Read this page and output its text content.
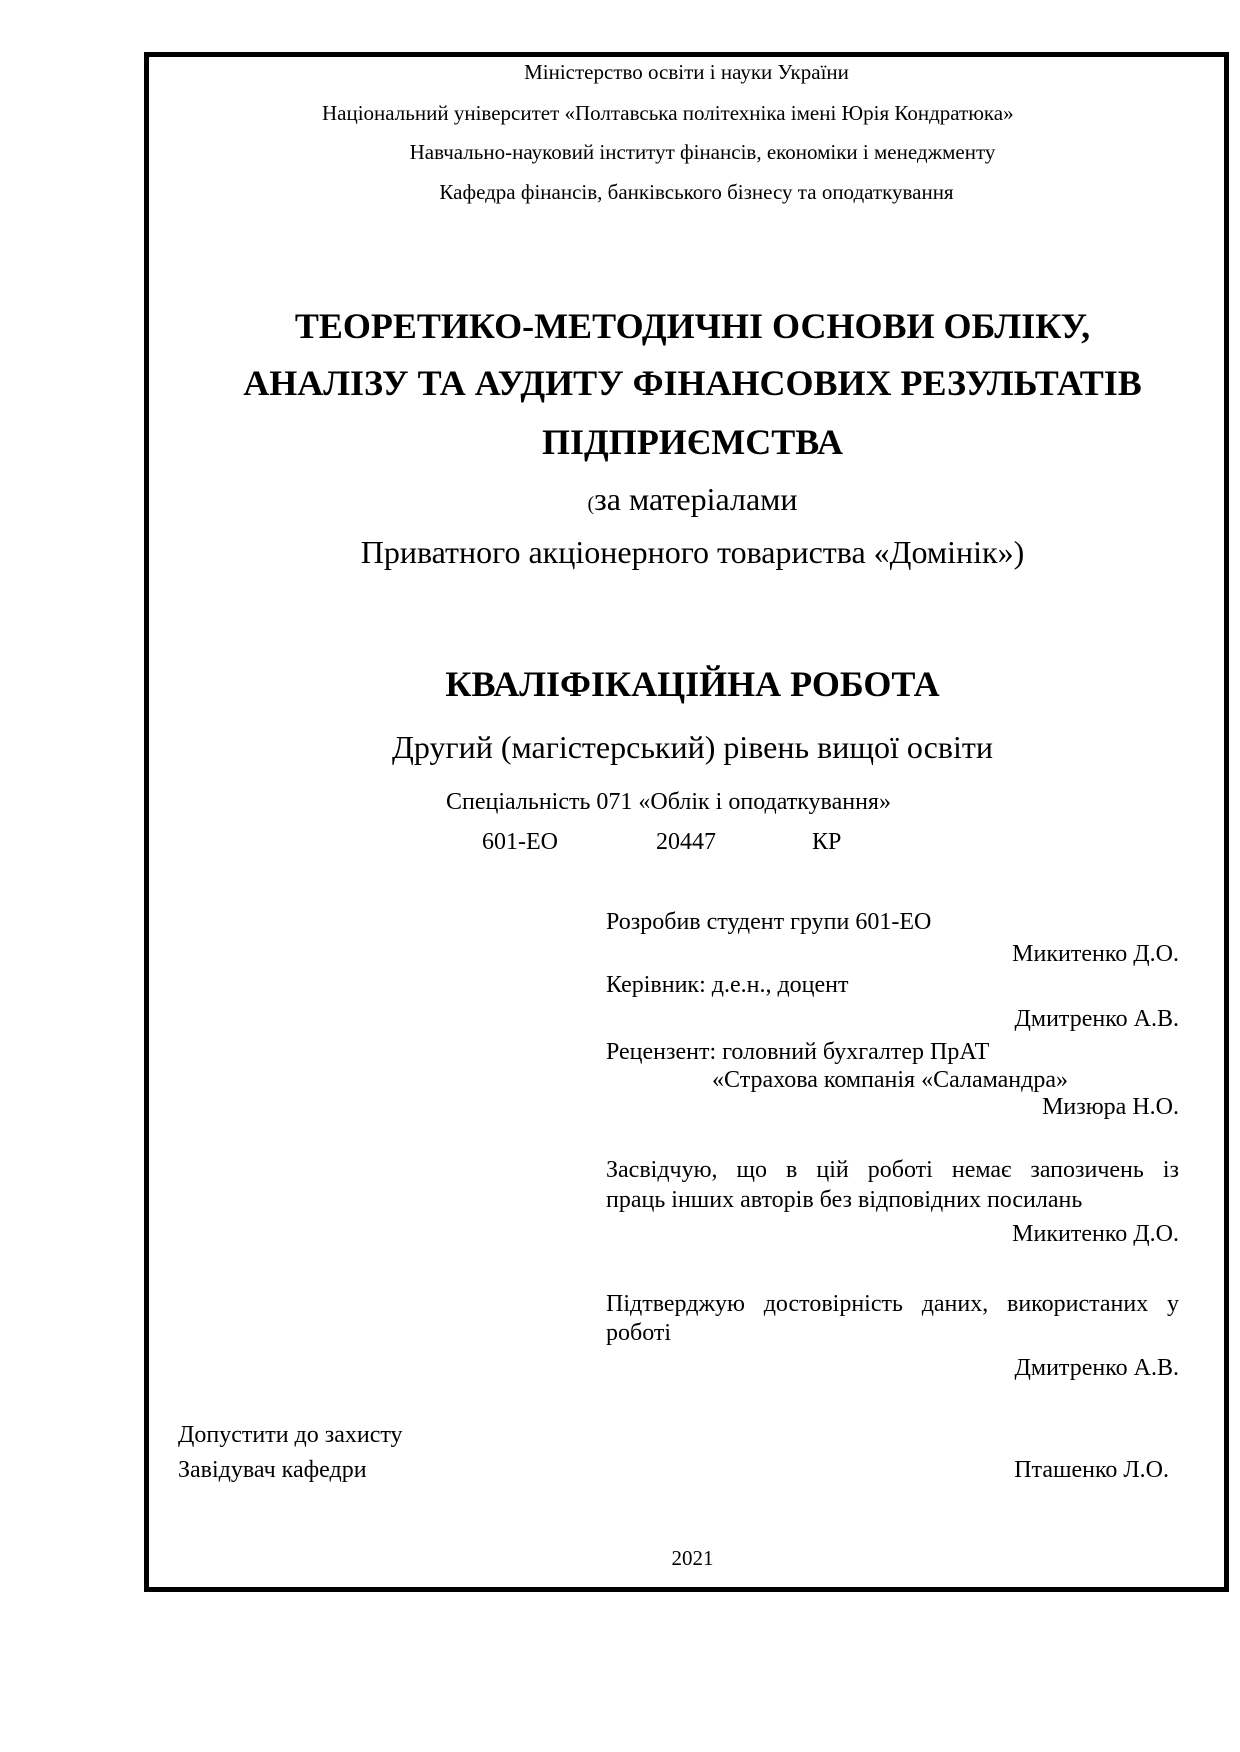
Міністерство освіти і науки України
Національний університет «Полтавська політехніка імені Юрія Кондратюка»
Навчально-науковий інститут фінансів, економіки і менеджменту
Кафедра фінансів, банківського бізнесу та оподаткування
ТЕОРЕТИКО-МЕТОДИЧНІ ОСНОВИ ОБЛІКУ,
АНАЛІЗУ ТА АУДИТУ ФІНАНСОВИХ РЕЗУЛЬТАТІВ
ПІДПРИЄМСТВА
(за матеріалами
Приватного акціонерного товариства «Домінік»)
КВАЛІФІКАЦІЙНА РОБОТА
Другий (магістерський) рівень вищої освіти
Спеціальність 071 «Облік і оподаткування»
601-ЕО	20447	КР
Розробив студент групи 601-ЕО
Микитенко Д.О.
Керівник: д.е.н., доцент
Дмитренко А.В.
Рецензент: головний бухгалтер ПрАТ
«Страхова компанія «Саламандра»
Мизюра Н.О.
Засвідчую, що в цій роботі немає запозичень із
праць інших авторів без відповідних посилань
Микитенко Д.О.
Підтверджую достовірність даних, використаних у
роботі
Дмитренко А.В.
Допустити до захисту
Завідувач кафедри	Пташенко Л.О.
2021
